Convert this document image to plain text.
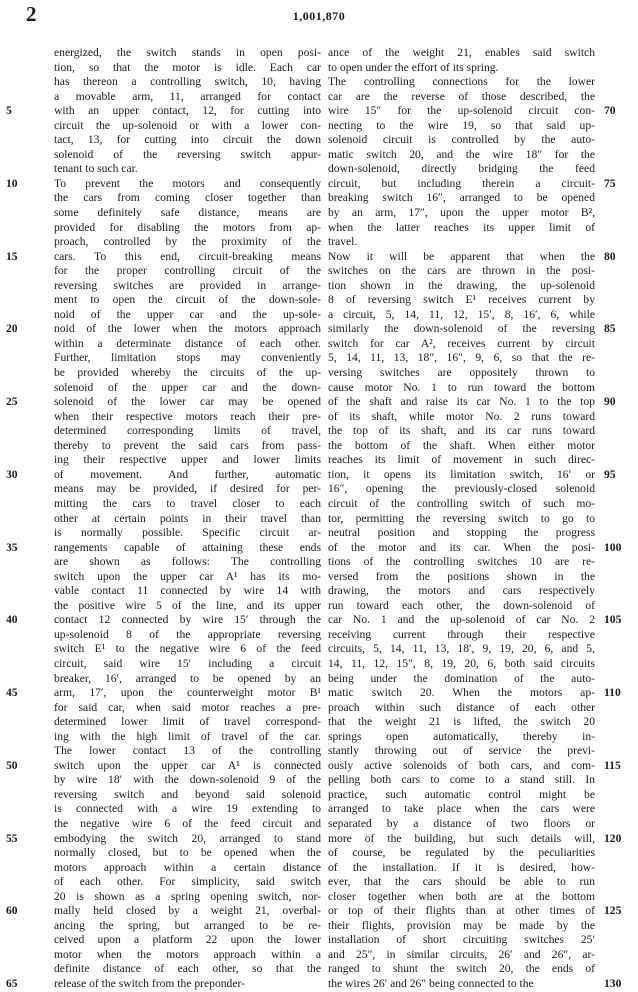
2	1,001,870
energized, the switch stands in open posi-
tion, so that the motor is idle. Each car
has thereon a controlling switch, 10, having
a movable arm, 11, arranged for contact
with an upper contact, 12, for cutting into
circuit the up-solenoid or with a lower con-
tact, 13, for cutting into circuit the down
solenoid of the reversing switch appur-
tenant to such car.
To prevent the motors and consequently
the cars from coming closer together than
some definitely safe distance, means are
provided for disabling the motors from ap-
proach, controlled by the proximity of the
cars. To this end, circuit-breaking means
for the proper controlling circuit of the
reversing switches are provided in arrange-
ment to open the circuit of the down-sole-
noid of the upper car and the up-sole-
noid of the lower when the motors approach
within a determinate distance of each other.
Further, limitation stops may conveniently
be provided whereby the circuits of the up-
solenoid of the upper car and the down-
solenoid of the lower car may be opened
when their respective motors reach their pre-
determined corresponding limits of travel,
thereby to prevent the said cars from pass-
ing their respective upper and lower limits
of movement. And further, automatic
means may be provided, if desired for per-
mitting the cars to travel closer to each
other at certain points in their travel than
is normally possible. Specific circuit ar-
rangements capable of attaining these ends
are shown as follows: The controlling
switch upon the upper car A¹ has its mo-
vable contact 11 connected by wire 14 with
the positive wire 5 of the line, and its upper
contact 12 connected by wire 15′ through the
up-solenoid 8 of the appropriate reversing
switch E¹ to the negative wire 6 of the feed
circuit, said wire 15′ including a circuit
breaker, 16′, arranged to be opened by an
arm, 17′, upon the counterweight motor B¹
for said car, when said motor reaches a pre-
determined lower limit of travel correspond-
ing with the high limit of travel of the car.
The lower contact 13 of the controlling
switch upon the upper car A¹ is connected
by wire 18′ with the down-solenoid 9 of the
reversing switch and beyond said solenoid
is connected with a wire 19 extending to
the negative wire 6 of the feed circuit and
embodying the switch 20, arranged to stand
normally closed, but to be opened when the
motors approach within a certain distance
of each other. For simplicity, said switch
20 is shown as a spring opening switch, nor-
mally held closed by a weight 21, overbal-
ancing the spring, but arranged to be re-
ceived upon a platform 22 upon the lower
motor when the motors approach within a
definite distance of each other, so that the
release of the switch from the preponder-
ance of the weight 21, enables said switch
to open under the effort of its spring.
The controlling connections for the lower
car are the reverse of those described, the
wire 15″ for the up-solenoid circuit con-
necting to the wire 19, so that said up-
solenoid circuit is controlled by the auto-
matic switch 20, and the wire 18″ for the
down-solenoid, directly bridging the feed
circuit, but including therein a circuit-
breaking switch 16″, arranged to be opened
by an arm, 17″, upon the upper motor B²,
when the latter reaches its upper limit of
travel.
Now it will be apparent that when the
switches on the cars are thrown in the posi-
tion shown in the drawing, the up-solenoid
8 of reversing switch E¹ receives current by
a circuit, 5, 14, 11, 12, 15′, 8, 16′, 6, while
similarly the down-solenoid of the reversing
switch for car A², receives current by circuit
5, 14, 11, 13, 18″, 16″, 9, 6, so that the re-
versing switches are oppositely thrown to
cause motor No. 1 to run toward the bottom
of the shaft and raise its car No. 1 to the top
of its shaft, while motor No. 2 runs toward
the top of its shaft, and its car runs toward
the bottom of the shaft. When either motor
reaches its limit of movement in such direc-
tion, it opens its limitation switch, 16′ or
16″, opening the previously-closed solenoid
circuit of the controlling switch of such mo-
tor, permitting the reversing switch to go to
neutral position and stopping the progress
of the motor and its car. When the posi-
tions of the controlling switches 10 are re-
versed from the positions shown in the
drawing, the motors and cars respectively
run toward each other, the down-solenoid of
car No. 1 and the up-solenoid of car No. 2
receiving current through their respective
circuits, 5, 14, 11, 13, 18′, 9, 19, 20, 6, and 5,
14, 11, 12, 15″, 8, 19, 20, 6, both said circuits
being under the domination of the auto-
matic switch 20. When the motors ap-
proach within such distance of each other
that the weight 21 is lifted, the switch 20
springs open automatically, thereby in-
stantly throwing out of service the previ-
ously active solenoids of both cars, and com-
pelling both cars to come to a stand still. In
practice, such automatic control might be
arranged to take place when the cars were
separated by a distance of two floors or
more of the building, but such details will,
of course, be regulated by the peculiarities
of the installation. If it is desired, how-
ever, that the cars should be able to run
closer together when both are at the bottom
or top of their flights than at other times of
their flights, provision may be made by the
installation of short circuiting switches 25′
and 25″, in similar circuits, 26′ and 26″, ar-
ranged to shunt the switch 20, the ends of
the wires 26′ and 26″ being connected to the
5
10
15
20
25
30
35
40
45
50
55
60
65
70
75
80
85
90
95
100
105
110
115
120
125
130
